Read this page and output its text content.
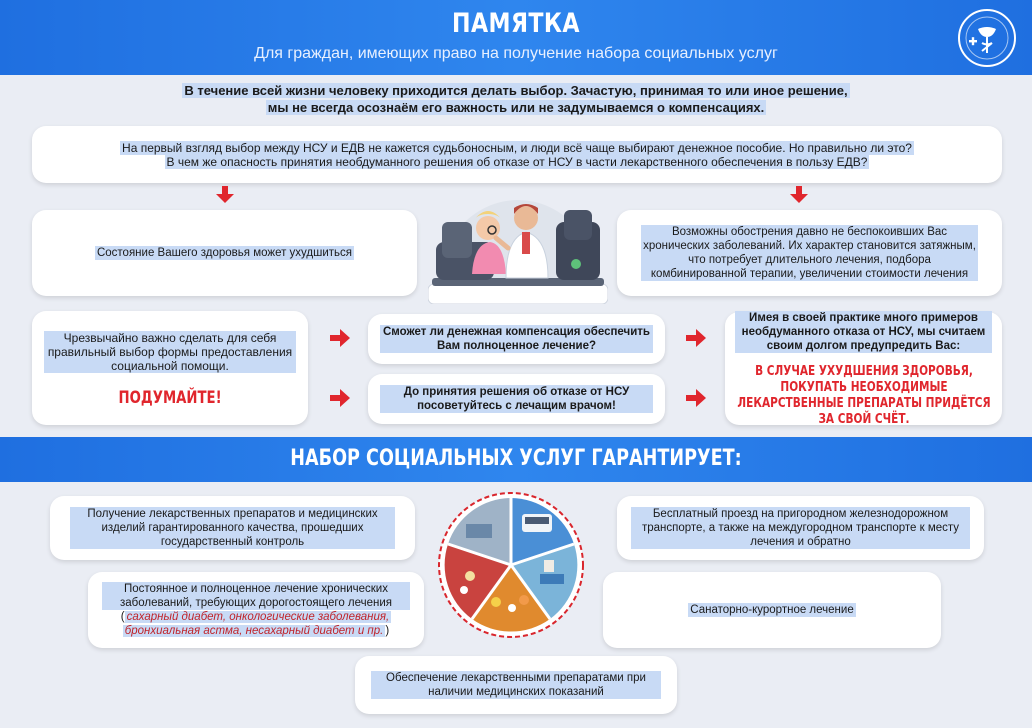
ПАМЯТКА
Для граждан, имеющих право на получение набора социальных услуг
В течение всей жизни человеку приходится делать выбор. Зачастую, принимая то или иное решение,
мы не всегда осознаём его важность или не задумываемся о компенсациях.
На первый взгляд выбор между НСУ и ЕДВ не кажется судьбоносным, и люди всё чаще выбирают денежное пособие. Но правильно ли это?
В чем же опасность принятия необдуманного решения об отказе от НСУ в части лекарственного обеспечения в пользу ЕДВ?
Состояние Вашего здоровья может ухудшиться
Возможны обострения давно не беспокоивших Вас хронических заболеваний. Их характер становится затяжным, что потребует длительного лечения, подбора комбинированной терапии, увеличении стоимости лечения
Чрезвычайно важно сделать для себя правильный выбор формы предоставления социальной помощи.
ПОДУМАЙТЕ!
Сможет ли денежная компенсация обеспечить Вам полноценное лечение?
До принятия решения об отказе от НСУ посоветуйтесь с лечащим врачом!
Имея в своей практике много примеров необдуманного отказа от НСУ, мы считаем своим долгом предупредить Вас:
В СЛУЧАЕ УХУДШЕНИЯ ЗДОРОВЬЯ, ПОКУПАТЬ НЕОБХОДИМЫЕ ЛЕКАРСТВЕННЫЕ ПРЕПАРАТЫ ПРИДЁТСЯ ЗА СВОЙ СЧЁТ.
НАБОР СОЦИАЛЬНЫХ УСЛУГ ГАРАНТИРУЕТ:
Получение лекарственных препаратов и медицинских изделий гарантированного качества, прошедших государственный контроль
Постоянное и полноценное лечение хронических заболеваний, требующих дорогостоящего лечения
( сахарный диабет, онкологические заболевания, бронхиальная астма, несахарный диабет и пр. )
Бесплатный проезд на пригородном железнодорожном транспорте, а также на междугородном транспорте к месту лечения и обратно
Санаторно-курортное лечение
Обеспечение лекарственными препаратами при наличии медицинских показаний
